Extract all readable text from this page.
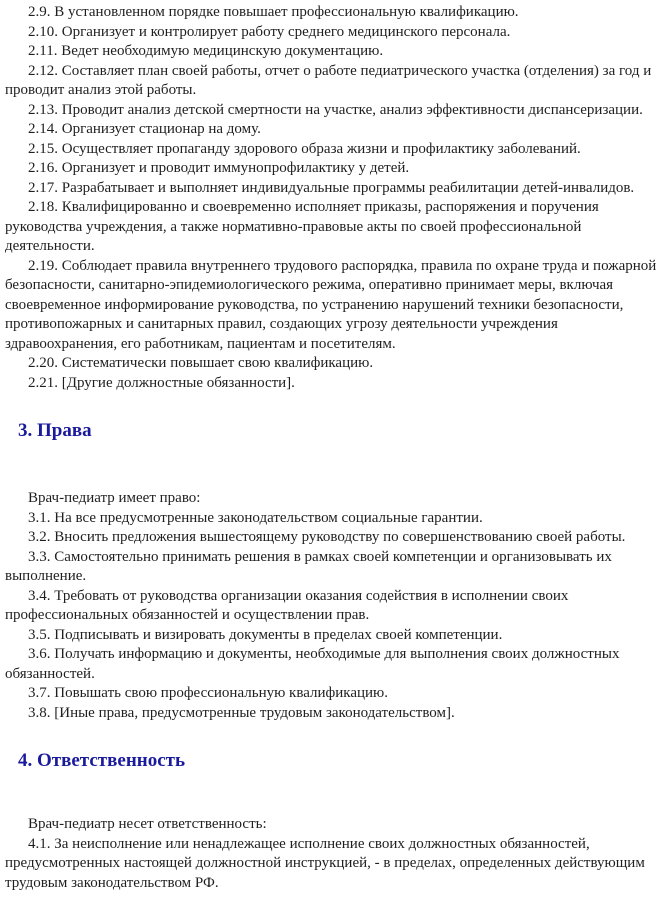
2.9. В установленном порядке повышает профессиональную квалификацию.

2.10. Организует и контролирует работу среднего медицинского персонала.

2.11. Ведет необходимую медицинскую документацию.

2.12. Составляет план своей работы, отчет о работе педиатрического участка (отделения) за год и проводит анализ этой работы.

2.13. Проводит анализ детской смертности на участке, анализ эффективности диспансеризации.

2.14. Организует стационар на дому.

2.15. Осуществляет пропаганду здорового образа жизни и профилактику заболеваний.

2.16. Организует и проводит иммунопрофилактику у детей.

2.17. Разрабатывает и выполняет индивидуальные программы реабилитации детей-инвалидов.

2.18. Квалифицированно и своевременно исполняет приказы, распоряжения и поручения руководства учреждения, а также нормативно-правовые акты по своей профессиональной деятельности.

2.19. Соблюдает правила внутреннего трудового распорядка, правила по охране труда и пожарной безопасности, санитарно-эпидемиологического режима, оперативно принимает меры, включая своевременное информирование руководства, по устранению нарушений техники безопасности, противопожарных и санитарных правил, создающих угрозу деятельности учреждения здравоохранения, его работникам, пациентам и посетителям.

2.20. Систематически повышает свою квалификацию.

2.21. [Другие должностные обязанности].

3. Права

Врач-педиатр имеет право:

3.1. На все предусмотренные законодательством социальные гарантии.

3.2. Вносить предложения вышестоящему руководству по совершенствованию своей работы.

3.3. Самостоятельно принимать решения в рамках своей компетенции и организовывать их выполнение.

3.4. Требовать от руководства организации оказания содействия в исполнении своих профессиональных обязанностей и осуществлении прав.

3.5. Подписывать и визировать документы в пределах своей компетенции.

3.6. Получать информацию и документы, необходимые для выполнения своих должностных обязанностей.

3.7. Повышать свою профессиональную квалификацию.

3.8. [Иные права, предусмотренные трудовым законодательством].

4. Ответственность

Врач-педиатр несет ответственность:

4.1. За неисполнение или ненадлежащее исполнение своих должностных обязанностей, предусмотренных настоящей должностной инструкцией, - в пределах, определенных действующим трудовым законодательством РФ.
